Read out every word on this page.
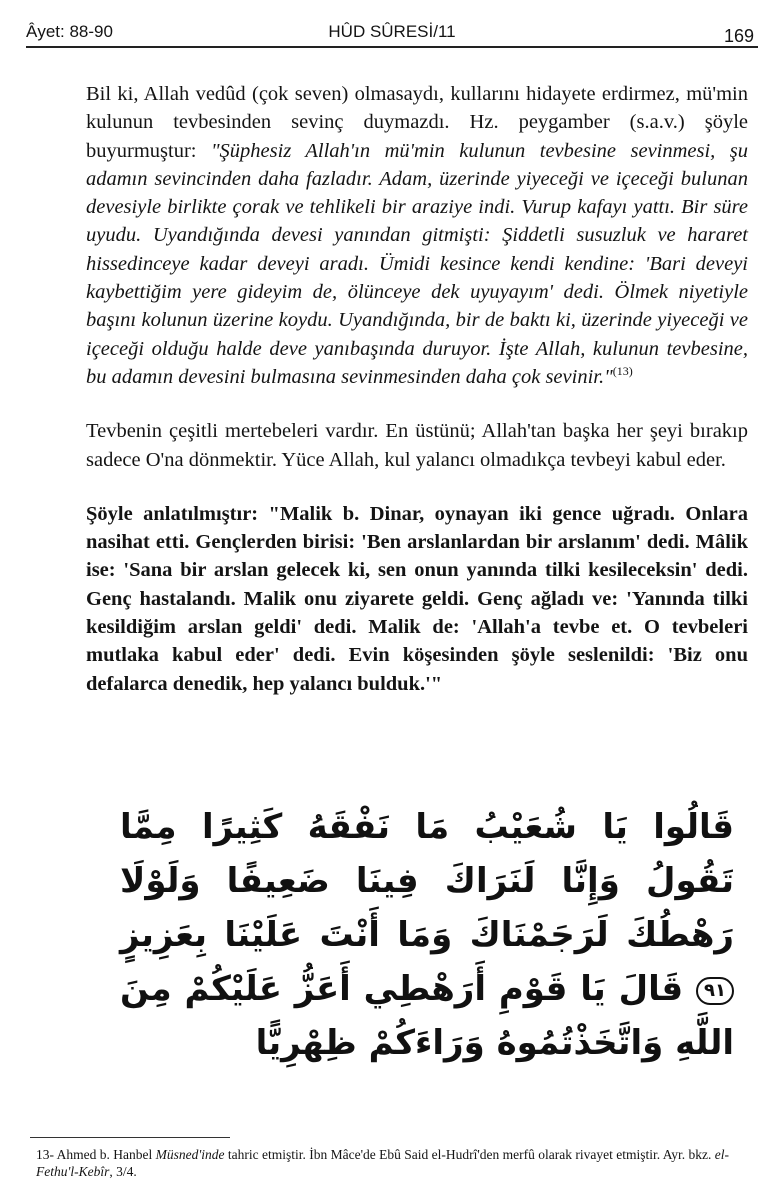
Âyet: 88-90	HÛD SÛRESİ/11	169

Bil ki, Allah vedûd (çok seven) olmasaydı, kullarını hidayete erdirmez, mü'min kulunun tevbesinden sevinç duymazdı. Hz. peygamber (s.a.v.) şöyle buyurmuştur: "Şüphesiz Allah'ın mü'min kulunun tevbesine sevinmesi, şu adamın sevincinden daha fazladır. Adam, üzerinde yiyeceği ve içeceği bulunan devesiyle birlikte çorak ve tehlikeli bir araziye indi. Vurup kafayı yattı. Bir süre uyudu. Uyandığında devesi yanından gitmişti: Şiddetli susuzluk ve hararet hissedinceye kadar deveyi aradı. Ümidi kesince kendi kendine: 'Bari deveyi kaybettiğim yere gideyim de, ölünceye dek uyuyayım' dedi. Ölmek niyetiyle başını kolunun üzerine koydu. Uyandığında, bir de baktı ki, üzerinde yiyeceği ve içeceği olduğu halde deve yanıbaşında duruyor. İşte Allah, kulunun tevbesine, bu adamın devesini bulmasına sevinmesinden daha çok sevinir."$^{(13)}$

Tevbenin çeşitli mertebeleri vardır. En üstünü; Allah'tan başka her şeyi bırakıp sadece O'na dönmektir. Yüce Allah, kul yalancı olmadıkça tevbeyi kabul eder.

Şöyle anlatılmıştır: "Malik b. Dinar, oynayan iki gence uğradı. Onlara nasihat etti. Gençlerden birisi: 'Ben arslanlardan bir arslanım' dedi. Mâlik ise: 'Sana bir arslan gelecek ki, sen onun yanında tilki kesileceksin' dedi. Genç hastalandı. Malik onu ziyarete geldi. Genç ağladı ve: 'Yanında tilki kesildiğim arslan geldi' dedi. Malik de: 'Allah'a tevbe et. O tevbeleri mutlaka kabul eder' dedi. Evin köşesinden şöyle seslenildi: 'Biz onu defalarca denedik, hep yalancı bulduk.'"

قَالُوا يَا شُعَيْبُ مَا نَفْقَهُ كَثِيرًا مِمَّا تَقُولُ وَإِنَّا لَنَرَاكَ فِينَا ضَعِيفًا وَلَوْلَا رَهْطُكَ لَرَجَمْنَاكَ وَمَا أَنْتَ عَلَيْنَا بِعَزِيزٍ ٩١ قَالَ يَا قَوْمِ أَرَهْطِي أَعَزُّ عَلَيْكُمْ مِنَ اللَّهِ وَاتَّخَذْتُمُوهُ وَرَاءَكُمْ ظِهْرِيًّا
13- Ahmed b. Hanbel Müsned'inde tahric etmiştir. İbn Mâce'de Ebû Said el-Hudrî'den merfû olarak rivayet etmiştir. Ayr. bkz. el-Fethu'l-Kebîr, 3/4.
